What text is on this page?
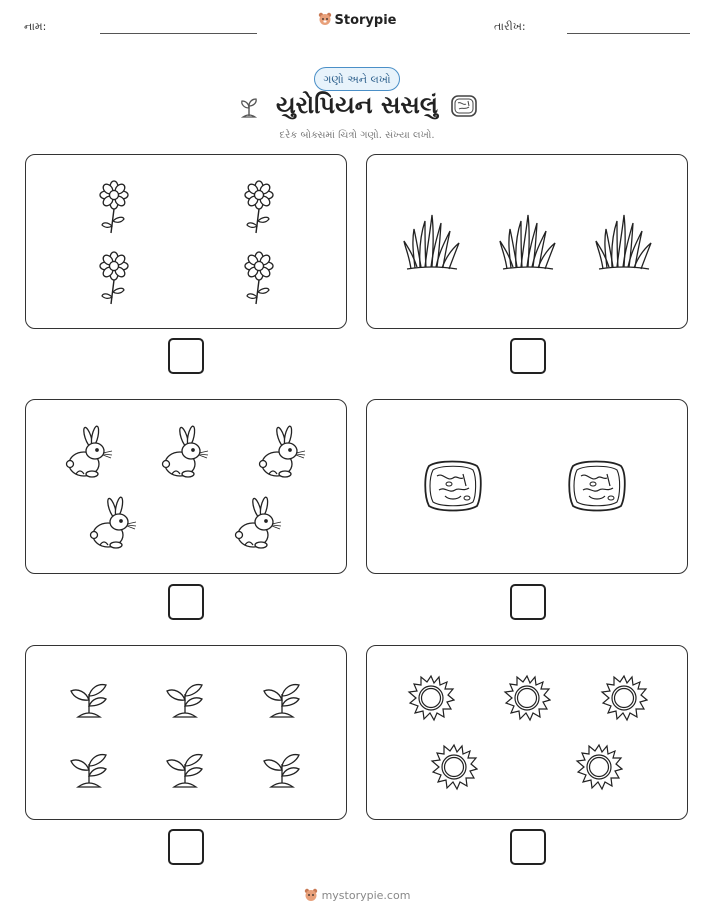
નામ:	Storypie	તારીખ:
ગણો અને લખો
યુરોપિયન સસલું
દરેક બોક્સમાં ચિત્રો ગણો. સંખ્યા લખો.
mystorypie.com
